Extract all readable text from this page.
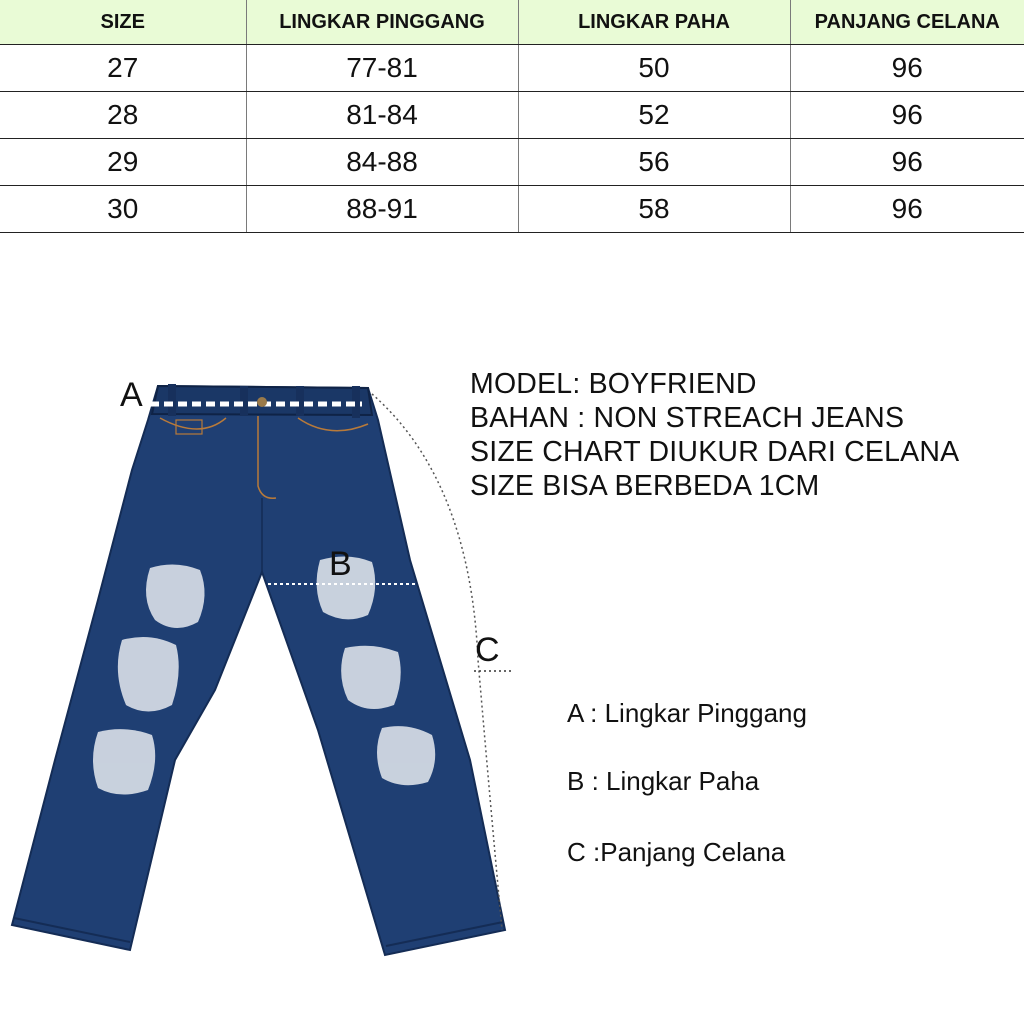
SIZE	LINGKAR PINGGANG	LINGKAR PAHA	PANJANG CELANA
27	77-81	50	96
28	81-84	52	96
29	84-88	56	96
30	88-91	58	96
A
B
C
MODEL: BOYFRIEND
BAHAN : NON STREACH JEANS
SIZE CHART DIUKUR DARI CELANA
SIZE BISA BERBEDA 1CM
A : Lingkar Pinggang
B : Lingkar Paha
C :Panjang Celana
